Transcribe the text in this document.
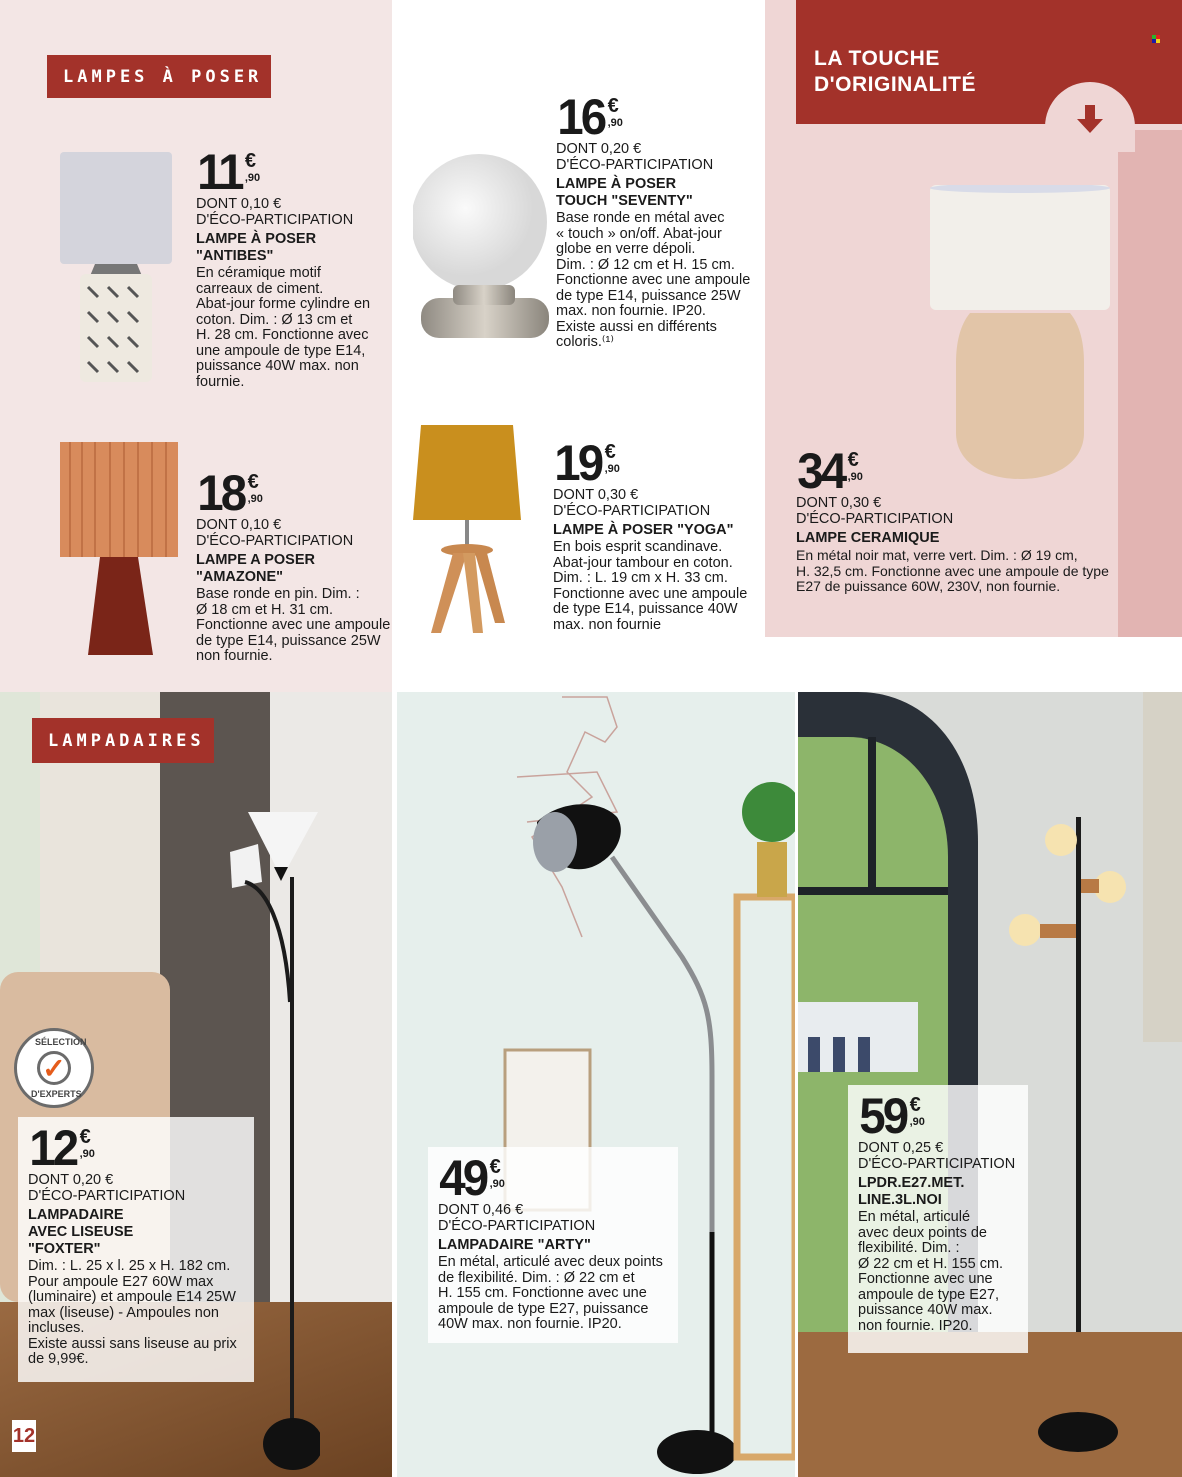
LAMPES À POSER
LA TOUCHE
D'ORIGINALITÉ
11 €
,90
DONT 0,10 €
D'ÉCO-PARTICIPATION
LAMPE À POSER "ANTIBES"
En céramique motif
carreaux de ciment.
Abat-jour forme cylindre en
coton. Dim. : Ø 13 cm et
H. 28 cm. Fonctionne avec
une ampoule de type E14,
puissance 40W max. non
fournie.
16 €
,90
DONT 0,20 €
D'ÉCO-PARTICIPATION
LAMPE À POSER TOUCH "SEVENTY"
Base ronde en métal avec
« touch » on/off. Abat-jour
globe en verre dépoli.
Dim. : Ø 12 cm et H. 15 cm.
Fonctionne avec une ampoule
de type E14, puissance 25W
max. non fournie. IP20.
Existe aussi en différents
coloris.⁽¹⁾
18 €
,90
DONT 0,10 €
D'ÉCO-PARTICIPATION
LAMPE A POSER "AMAZONE"
Base ronde en pin. Dim. :
Ø 18 cm et H. 31 cm.
Fonctionne avec une ampoule
de type E14, puissance 25W
non fournie.
19 €
,90
DONT 0,30 €
D'ÉCO-PARTICIPATION
LAMPE À POSER "YOGA"
En bois esprit scandinave.
Abat-jour tambour en coton.
Dim. : L. 19 cm x H. 33 cm.
Fonctionne avec une ampoule
de type E14, puissance 40W
max. non fournie
34 €
,90
DONT 0,30 €
D'ÉCO-PARTICIPATION
LAMPE CERAMIQUE
En métal noir mat, verre vert. Dim. : Ø 19 cm,
H. 32,5 cm. Fonctionne avec une ampoule de type
E27 de puissance 60W, 230V, non fournie.
LAMPADAIRES
SÉLECTION
✓
D'EXPERTS
12 €
,90
DONT 0,20 €
D'ÉCO-PARTICIPATION
LAMPADAIRE
AVEC LISEUSE
"FOXTER"
Dim. : L. 25 x l. 25 x H. 182 cm.
Pour ampoule E27 60W max
(luminaire) et ampoule E14 25W
max (liseuse) - Ampoules non
incluses.
Existe aussi sans liseuse au prix
de 9,99€.
49 €
,90
DONT 0,46 €
D'ÉCO-PARTICIPATION
LAMPADAIRE "ARTY"
En métal, articulé avec deux points
de flexibilité. Dim. : Ø 22 cm et
H. 155 cm. Fonctionne avec une
ampoule de type E27, puissance
40W max. non fournie. IP20.
59 €
,90
DONT 0,25 €
D'ÉCO-PARTICIPATION
LPDR.E27.MET.
LINE.3L.NOI
En métal, articulé
avec deux points de
flexibilité. Dim. :
Ø 22 cm et H. 155 cm.
Fonctionne avec une
ampoule de type E27,
puissance 40W max.
non fournie. IP20.
12
